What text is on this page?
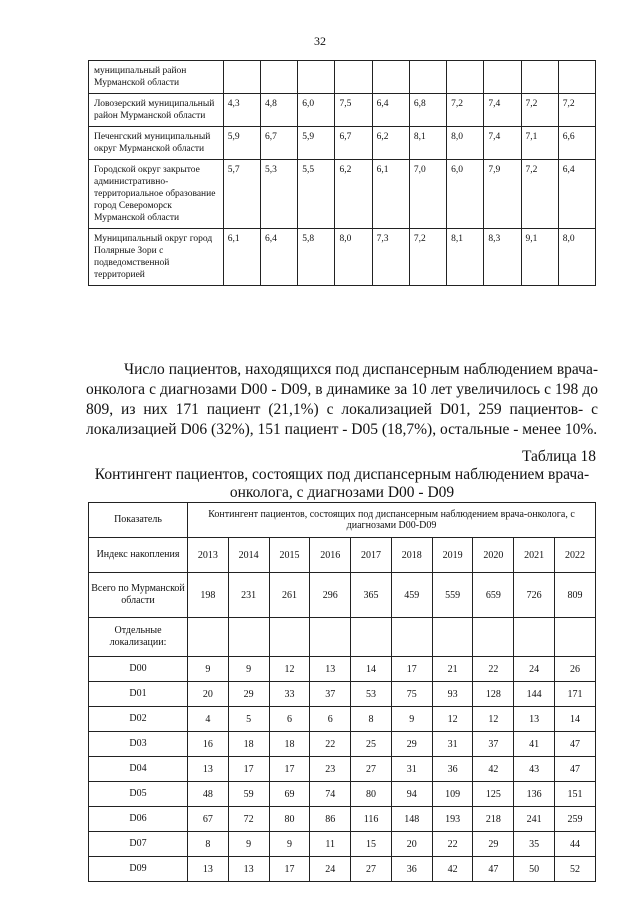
32
муниципальный район Мурманской области										
Ловозерский муниципальный район Мурманской области	4,3	4,8	6,0	7,5	6,4	6,8	7,2	7,4	7,2	7,2
Печенгский муниципальный округ Мурманской области	5,9	6,7	5,9	6,7	6,2	8,1	8,0	7,4	7,1	6,6
Городской округ закрытое административно-территориальное образование город Североморск Мурманской области	5,7	5,3	5,5	6,2	6,1	7,0	6,0	7,9	7,2	6,4
Муниципальный округ город Полярные Зори с подведомственной территорией	6,1	6,4	5,8	8,0	7,3	7,2	8,1	8,3	9,1	8,0

Число пациентов, находящихся под диспансерным наблюдением врача-онколога с диагнозами D00 - D09, в динамике за 10 лет увеличилось с 198 до 809, из них 171 пациент (21,1%) с локализацией D01, 259 пациентов- с локализацией D06 (32%), 151 пациент - D05 (18,7%), остальные - менее 10%.

Таблица 18
Контингент пациентов, состоящих под диспансерным наблюдением врача-онколога, с диагнозами D00 - D09
Показатель	Контингент пациентов, состоящих под диспансерным наблюдением врача-онколога, с диагнозами D00-D09									
Индекс накопления	2013	2014	2015	2016	2017	2018	2019	2020	2021	2022
Всего по Мурманской области	198	231	261	296	365	459	559	659	726	809
Отдельные локализации:										
D00	9	9	12	13	14	17	21	22	24	26
D01	20	29	33	37	53	75	93	128	144	171
D02	4	5	6	6	8	9	12	12	13	14
D03	16	18	18	22	25	29	31	37	41	47
D04	13	17	17	23	27	31	36	42	43	47
D05	48	59	69	74	80	94	109	125	136	151
D06	67	72	80	86	116	148	193	218	241	259
D07	8	9	9	11	15	20	22	29	35	44
D09	13	13	17	24	27	36	42	47	50	52
